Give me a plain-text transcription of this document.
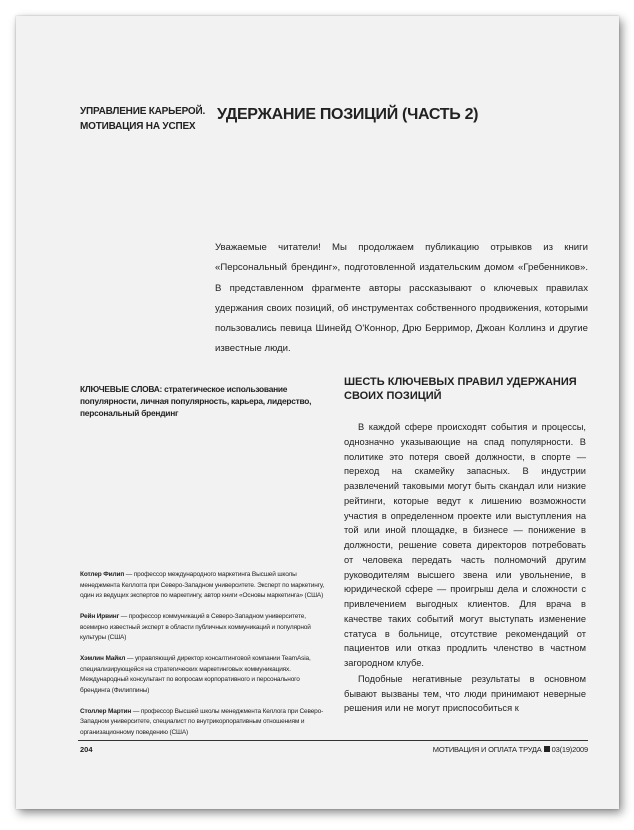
УПРАВЛЕНИЕ КАРЬЕРОЙ. МОТИВАЦИЯ НА УСПЕХ
УДЕРЖАНИЕ ПОЗИЦИЙ (ЧАСТЬ 2)

Уважаемые читатели! Мы продолжаем публикацию отрывков из книги «Персональный брендинг», подготовленной издательским домом «Гребенников». В представленном фрагменте авторы рассказывают о ключевых правилах удержания своих позиций, об инструментах собственного продвижения, которыми пользовались певица Шинейд О'Коннор, Дрю Берримор, Джоан Коллинз и другие известные люди.

КЛЮЧЕВЫЕ СЛОВА: стратегическое использование популярности, личная популярность, карьера, лидерство, персональный брендинг

Котлер Филип — профессор международного маркетинга Высшей школы менеджмента Келлогга при Северо-Западном университете. Эксперт по маркетингу, один из ведущих экспертов по маркетингу, автор книги «Основы маркетинга» (США)

Рейн Ирвинг — профессор коммуникаций в Северо-Западном университете, всемирно известный эксперт в области публичных коммуникаций и популярной культуры (США)

Хэмлин Майкл — управляющий директор консалтинговой компании TeamAsia, специализирующейся на стратегических маркетинговых коммуникациях. Международный консультант по вопросам корпоративного и персонального брендинга (Филиппины)

Столлер Мартин — профессор Высшей школы менеджмента Келлога при Северо-Западном университете, специалист по внутрикорпоративным отношениям и организационному поведению (США)

ШЕСТЬ КЛЮЧЕВЫХ ПРАВИЛ УДЕРЖАНИЯ СВОИХ ПОЗИЦИЙ

В каждой сфере происходят события и процессы, однозначно указывающие на спад популярности. В политике это потеря своей должности, в спорте — переход на скамейку запасных. В индустрии развлечений таковыми могут быть скандал или низкие рейтинги, которые ведут к лишению возможности участия в определенном проекте или выступления на той или иной площадке, в бизнесе — понижение в должности, решение совета директоров потребовать от человека передать часть полномочий другим руководителям высшего звена или увольнение, в юридической сфере — проигрыш дела и сложности с привлечением выгодных клиентов. Для врача в качестве таких событий могут выступать изменение статуса в больнице, отсутствие рекомендаций от пациентов или отказ продлить членство в частном загородном клубе.

Подобные негативные результаты в основном бывают вызваны тем, что люди принимают неверные решения или не могут приспособиться к

204	МОТИВАЦИЯ И ОПЛАТА ТРУДА 03(19)2009
